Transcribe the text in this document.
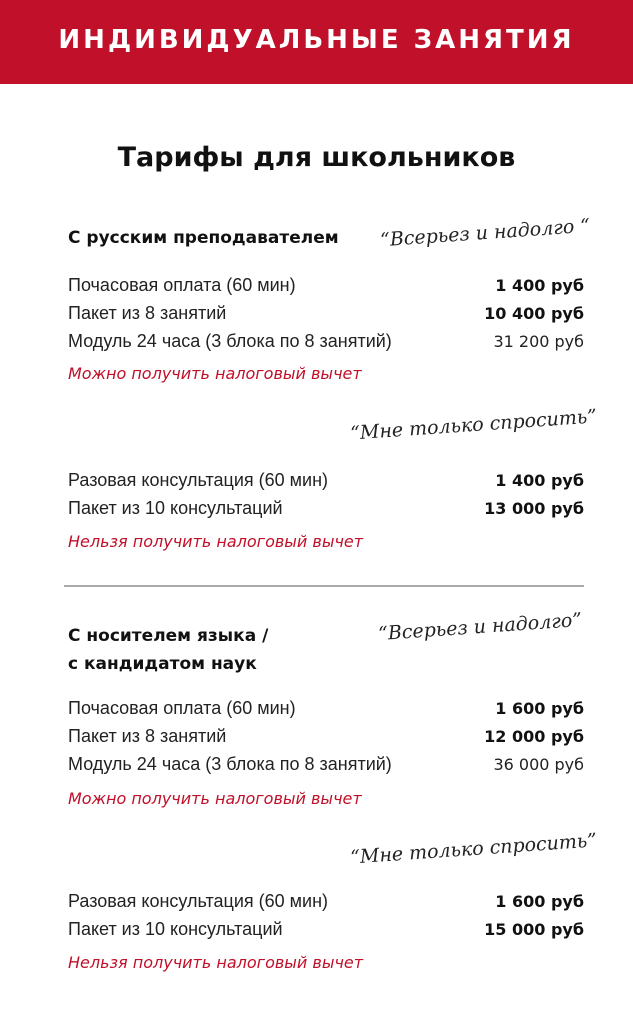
ИНДИВИДУАЛЬНЫЕ ЗАНЯТИЯ
Тарифы для школьников
С русским преподавателем “Всерьез и надолго “
Почасовая оплата (60 мин)	1 400 руб
Пакет из 8 занятий	10 400 руб
Модуль 24 часа (3 блока по 8 занятий)	31 200 руб
Можно получить налоговый вычет
“Мне только спросить”
Разовая консультация (60 мин)	1 400 руб
Пакет из 10 консультаций	13 000 руб
Нельзя получить налоговый вычет
С носителем языка /
с кандидатом наук
“Всерьез и надолго”
Почасовая оплата (60 мин)	1 600 руб
Пакет из 8 занятий	12 000 руб
Модуль 24 часа (3 блока по 8 занятий)	36 000 руб
Можно получить налоговый вычет
“Мне только спросить”
Разовая консультация (60 мин)	1 600 руб
Пакет из 10 консультаций	15 000 руб
Нельзя получить налоговый вычет
